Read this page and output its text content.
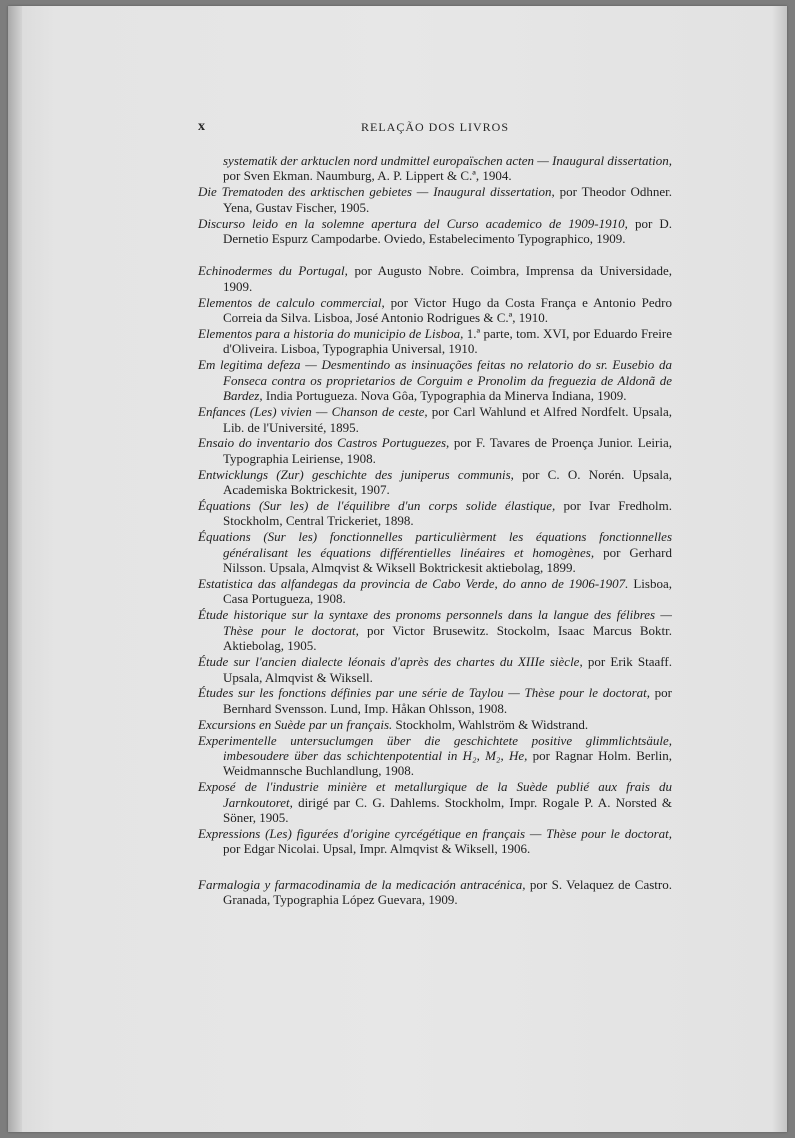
x	RELAÇÃO DOS LIVROS

systematik der arktuclen nord undmittel europaïschen acten — Inaugural dissertation, por Sven Ekman. Naumburg, A. P. Lippert & C.ª, 1904.

Die Trematoden des arktischen gebietes — Inaugural dissertation, por Theodor Odhner. Yena, Gustav Fischer, 1905.

Discurso leido en la solemne apertura del Curso academico de 1909-1910, por D. Dernetio Espurz Campodarbe. Oviedo, Estabelecimento Typographico, 1909.

Echinodermes du Portugal, por Augusto Nobre. Coimbra, Imprensa da Universidade, 1909.

Elementos de calculo commercial, por Victor Hugo da Costa França e Antonio Pedro Correia da Silva. Lisboa, José Antonio Rodrigues & C.ª, 1910.

Elementos para a historia do municipio de Lisboa, 1.ª parte, tom. XVI, por Eduardo Freire d'Oliveira. Lisboa, Typographia Universal, 1910.

Em legitima defeza — Desmentindo as insinuações feitas no relatorio do sr. Eusebio da Fonseca contra os proprietarios de Corguim e Pronolim da freguezia de Aldonã de Bardez, India Portugueza. Nova Gôa, Typographia da Minerva Indiana, 1909.

Enfances (Les) vivien — Chanson de ceste, por Carl Wahlund et Alfred Nordfelt. Upsala, Lib. de l'Université, 1895.

Ensaio do inventario dos Castros Portuguezes, por F. Tavares de Proença Junior. Leiria, Typographia Leiriense, 1908.

Entwicklungs (Zur) geschichte des juniperus communis, por C. O. Norén. Upsala, Academiska Boktrickesit, 1907.

Équations (Sur les) de l'équilibre d'un corps solide élastique, por Ivar Fredholm. Stockholm, Central Trickeriet, 1898.

Équations (Sur les) fonctionnelles particulièrment les équations fonctionnelles généralisant les équations différentielles linéaires et homogènes, por Gerhard Nilsson. Upsala, Almqvist & Wiksell Boktrickesit aktiebolag, 1899.

Estatistica das alfandegas da provincia de Cabo Verde, do anno de 1906-1907. Lisboa, Casa Portugueza, 1908.

Étude historique sur la syntaxe des pronoms personnels dans la langue des félibres — Thèse pour le doctorat, por Victor Brusewitz. Stockolm, Isaac Marcus Boktr. Aktiebolag, 1905.

Étude sur l'ancien dialecte léonais d'après des chartes du XIIIe siècle, por Erik Staaff. Upsala, Almqvist & Wiksell.

Études sur les fonctions définies par une série de Taylou — Thèse pour le doctorat, por Bernhard Svensson. Lund, Imp. Håkan Ohlsson, 1908.

Excursions en Suède par un français. Stockholm, Wahlström & Widstrand.

Experimentelle untersuclumgen über die geschichtete positive glimmlichtsäule, imbesoudere über das schichtenpotential in H₂, M₂, He, por Ragnar Holm. Berlin, Weidmannsche Buchlandlung, 1908.

Exposé de l'industrie minière et metallurgique de la Suède publié aux frais du Jarnkoutoret, dirigé par C. G. Dahlems. Stockholm, Impr. Rogale P. A. Norsted & Söner, 1905.

Expressions (Les) figurées d'origine cyrcégétique en français — Thèse pour le doctorat, por Edgar Nicolai. Upsal, Impr. Almqvist & Wiksell, 1906.

Farmalogia y farmacodinamia de la medicación antracénica, por S. Velaquez de Castro. Granada, Typographia López Guevara, 1909.
